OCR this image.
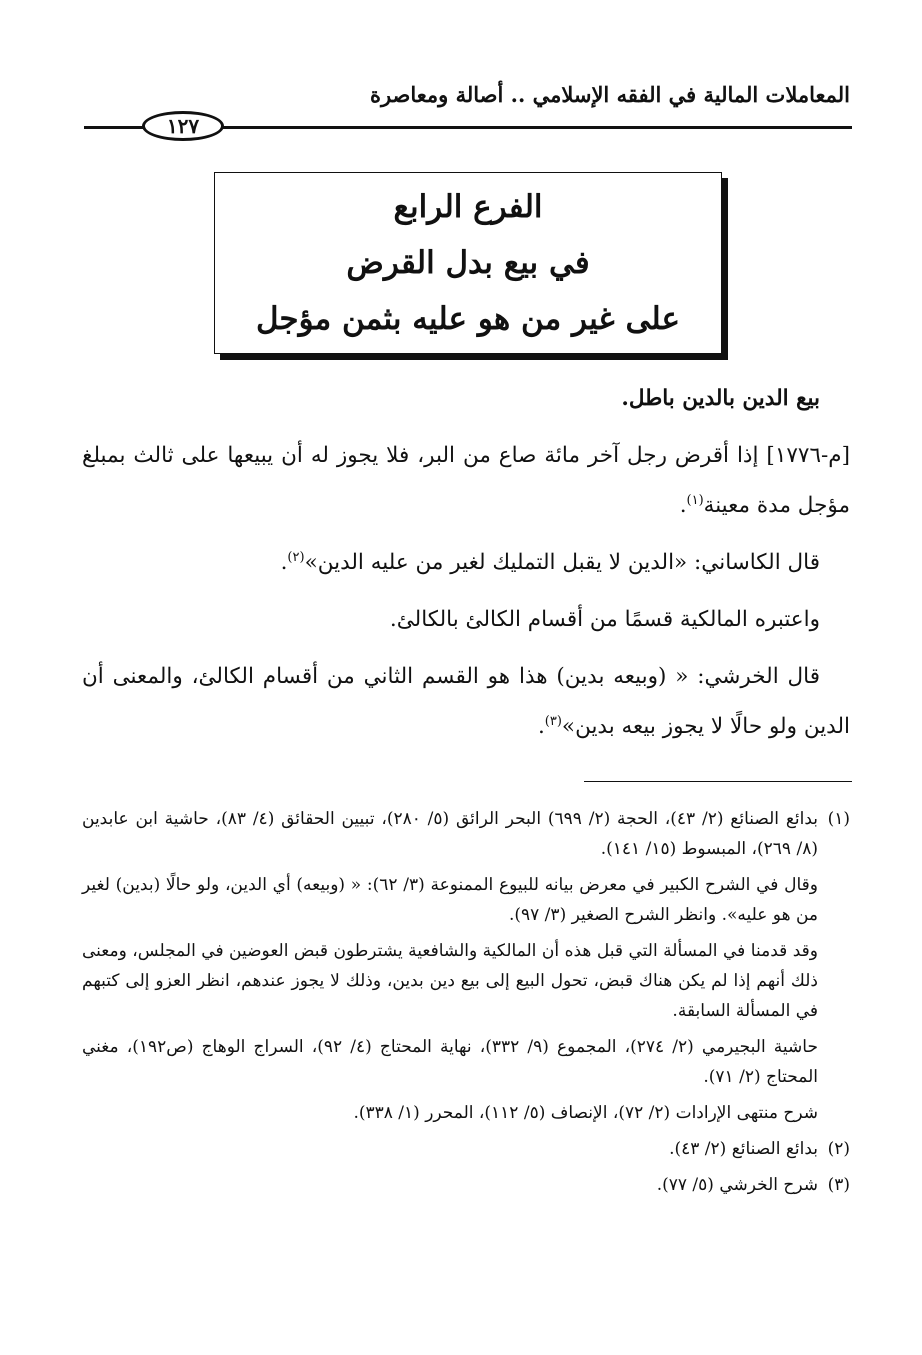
المعاملات المالية في الفقه الإسلامي .. أصالة ومعاصرة
١٢٧
الفرع الرابع
في بيع بدل القرض
على غير من هو عليه بثمن مؤجل

بيع الدين بالدين باطل.

[م-١٧٧٦] إذا أقرض رجل آخر مائة صاع من البر، فلا يجوز له أن يبيعها على ثالث بمبلغ مؤجل مدة معينة$^{(١)}$.

قال الكاساني: «الدين لا يقبل التمليك لغير من عليه الدين»$^{(٢)}$.

واعتبره المالكية قسمًا من أقسام الكالئ بالكالئ.

قال الخرشي: « (وبيعه بدين) هذا هو القسم الثاني من أقسام الكالئ، والمعنى أن الدين ولو حالًا لا يجوز بيعه بدين»$^{(٣)}$.

(١)
بدائع الصنائع (٢/ ٤٣)، الحجة (٢/ ٦٩٩) البحر الرائق (٥/ ٢٨٠)، تبيين الحقائق (٤/ ٨٣)، حاشية ابن عابدين (٨/ ٢٦٩)، المبسوط (١٥/ ١٤١).
وقال في الشرح الكبير في معرض بيانه للبيوع الممنوعة (٣/ ٦٢): « (وبيعه) أي الدين، ولو حالًا (بدين) لغير من هو عليه». وانظر الشرح الصغير (٣/ ٩٧).
وقد قدمنا في المسألة التي قبل هذه أن المالكية والشافعية يشترطون قبض العوضين في المجلس، ومعنى ذلك أنهم إذا لم يكن هناك قبض، تحول البيع إلى بيع دين بدين، وذلك لا يجوز عندهم، انظر العزو إلى كتبهم في المسألة السابقة.
حاشية البجيرمي (٢/ ٢٧٤)، المجموع (٩/ ٣٣٢)، نهاية المحتاج (٤/ ٩٢)، السراج الوهاج (ص١٩٢)، مغني المحتاج (٢/ ٧١).
شرح منتهى الإرادات (٢/ ٧٢)، الإنصاف (٥/ ١١٢)، المحرر (١/ ٣٣٨).
(٢)
بدائع الصنائع (٢/ ٤٣).
(٣)
شرح الخرشي (٥/ ٧٧).
